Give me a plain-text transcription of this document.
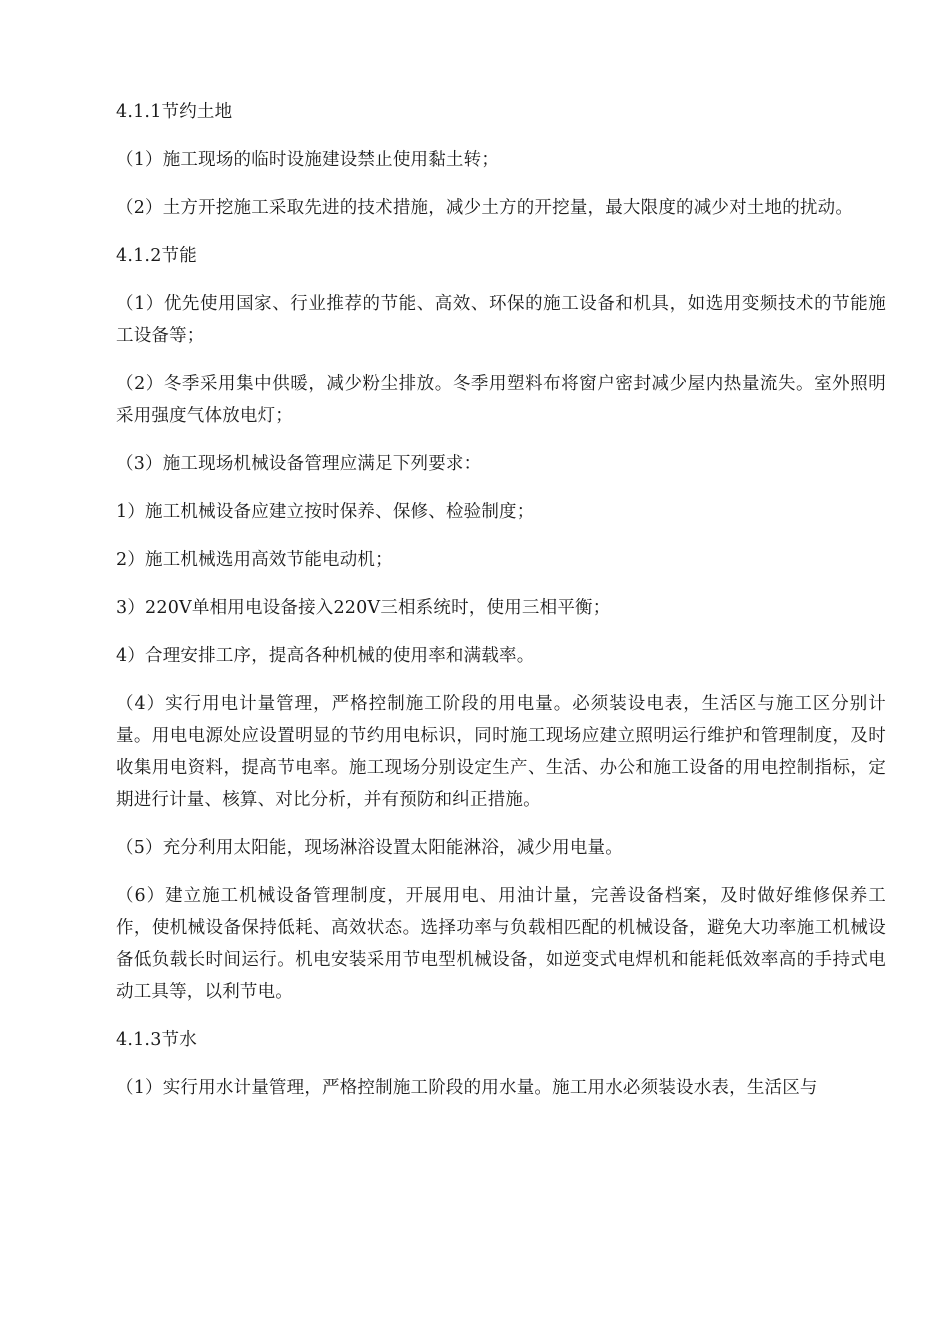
4.1.1节约土地

（1）施工现场的临时设施建设禁止使用黏土转；

（2）土方开挖施工采取先进的技术措施，减少土方的开挖量，最大限度的减少对土地的扰动。

4.1.2节能

（1）优先使用国家、行业推荐的节能、高效、环保的施工设备和机具，如选用变频技术的节能施工设备等；

（2）冬季采用集中供暖，减少粉尘排放。冬季用塑料布将窗户密封减少屋内热量流失。室外照明采用强度气体放电灯；

（3）施工现场机械设备管理应满足下列要求：

1）施工机械设备应建立按时保养、保修、检验制度；

2）施工机械选用高效节能电动机；

3）220V单相用电设备接入220V三相系统时，使用三相平衡；

4）合理安排工序，提高各种机械的使用率和满载率。

（4）实行用电计量管理，严格控制施工阶段的用电量。必须装设电表，生活区与施工区分别计量。用电电源处应设置明显的节约用电标识，同时施工现场应建立照明运行维护和管理制度，及时收集用电资料，提高节电率。施工现场分别设定生产、生活、办公和施工设备的用电控制指标，定期进行计量、核算、对比分析，并有预防和纠正措施。

（5）充分利用太阳能，现场淋浴设置太阳能淋浴，减少用电量。

（6）建立施工机械设备管理制度，开展用电、用油计量，完善设备档案，及时做好维修保养工作，使机械设备保持低耗、高效状态。选择功率与负载相匹配的机械设备，避免大功率施工机械设备低负载长时间运行。机电安装采用节电型机械设备，如逆变式电焊机和能耗低效率高的手持式电动工具等，以利节电。

4.1.3节水

（1）实行用水计量管理，严格控制施工阶段的用水量。施工用水必须装设水表，生活区与
